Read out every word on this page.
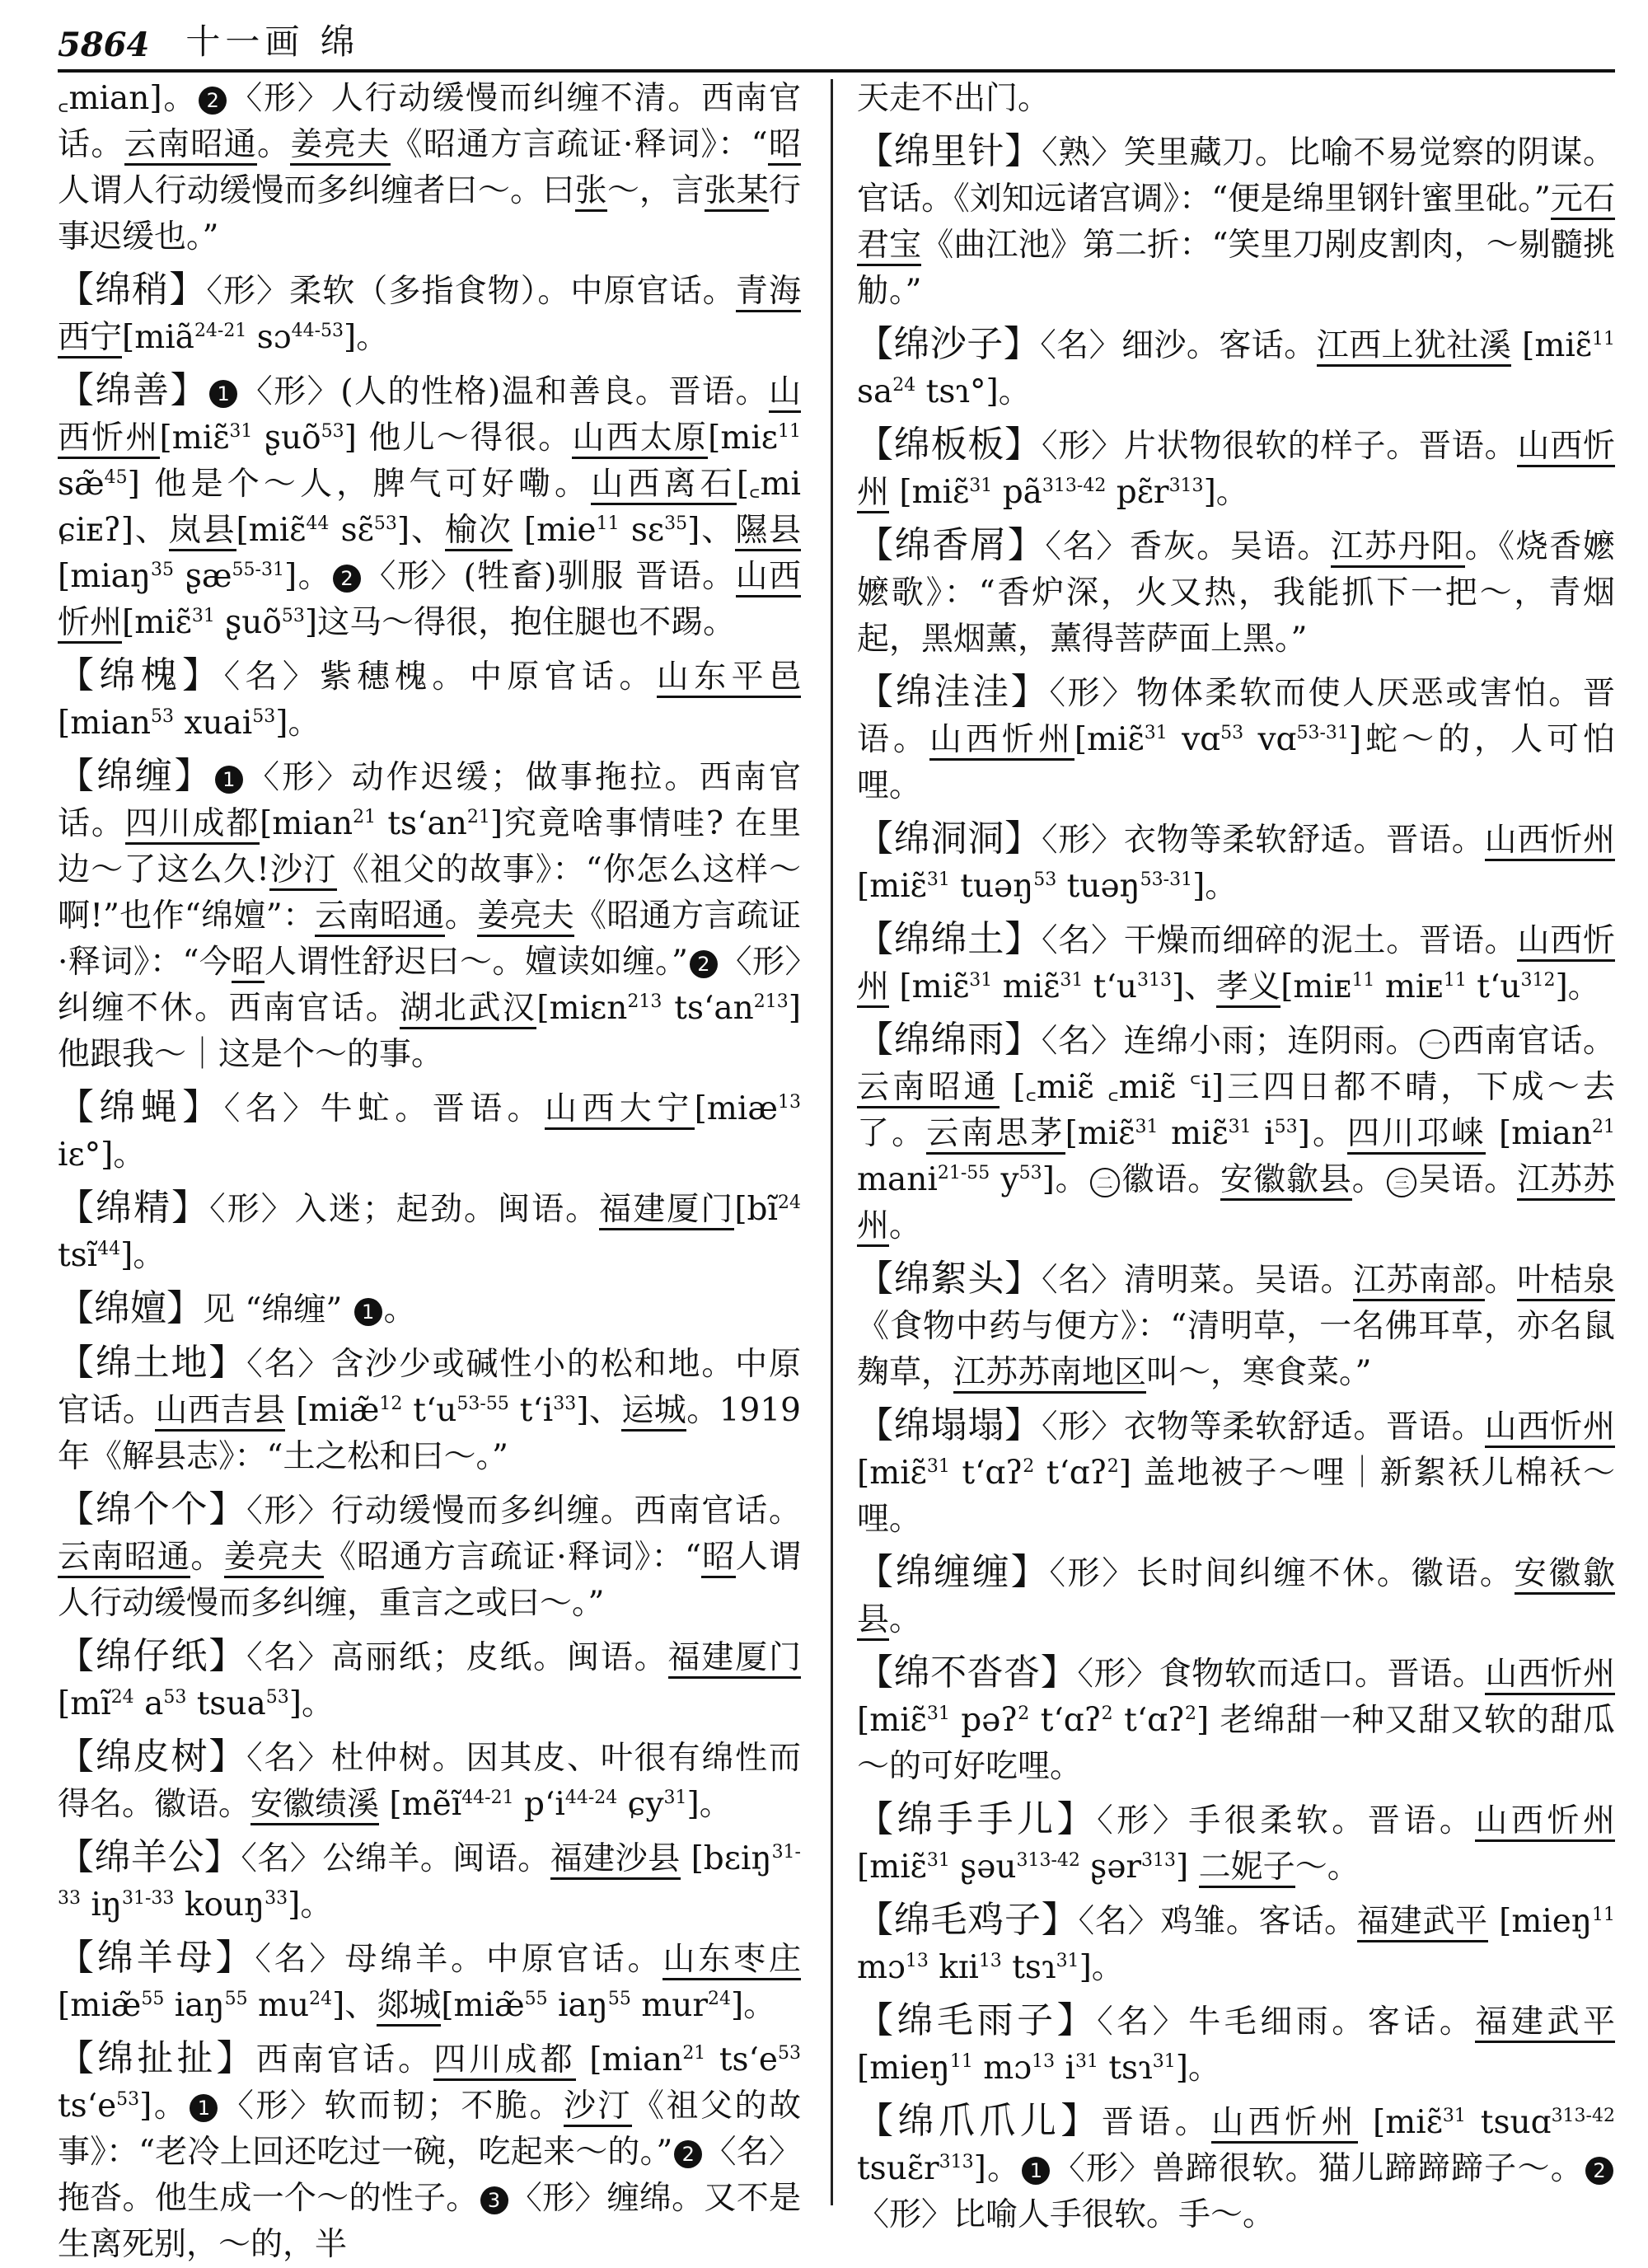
5864 十一画 绵

꜀mian]。 2 〈形〉人行动缓慢而纠缠不清。西南官话。云南昭通。姜亮夫《昭通方言疏证·释词》：“昭人谓人行动缓慢而多纠缠者曰～。曰张～，言张某行事迟缓也。”

【绵稍】〈形〉柔软（多指食物）。中原官话。青海西宁[miã$^{24-21}$ sɔ$^{44-53}$]。

【绵善】 1 〈形〉(人的性格)温和善良。晋语。山西忻州[miɛ̃$^{31}$ ʂuõ$^{53}$] 他儿～得很。山西太原[miɛ$^{11}$ sæ̃$^{45}$] 他是个～人，脾气可好嘞。山西离石[꜀mi ɕiᴇʔ]、岚县[miɛ̃$^{44}$ sɛ̃$^{53}$]、榆次 [mie$^{11}$ sɛ$^{35}$]、隰县 [miaŋ$^{35}$ ʂæ$^{55-31}$]。 2 〈形〉(牲畜)驯服 晋语。山西忻州[miɛ̃$^{31}$ ʂuõ$^{53}$]这马～得很，抱住腿也不踢。

【绵槐】〈名〉紫穗槐。中原官话。山东平邑 [mian$^{53}$ xuai$^{53}$]。

【绵缠】 1 〈形〉动作迟缓；做事拖拉。西南官话。四川成都[mian$^{21}$ $ts‘an^{21}$]究竟啥事情哇? 在里边～了这么久!沙汀《祖父的故事》：“你怎么这样～啊!”也作“绵嬗”：云南昭通。姜亮夫《昭通方言疏证·释词》：“今昭人谓性舒迟曰～。嬗读如缠。” 2 〈形〉纠缠不休。西南官话。湖北武汉[miɛn$^{213}$ $ts‘an^{213}$]他跟我～｜这是个～的事。

【绵蝇】〈名〉牛虻。晋语。山西大宁[miæ$^{13}$ iɛ°]。

【绵精】〈形〉入迷；起劲。闽语。福建厦门[$bĩ^{24}$ tsĩ$^{44}$]。

【绵嬗】见 “绵缠” 1 。

【绵土地】〈名〉含沙少或碱性小的松和地。中原官话。山西吉县 [miæ̃$^{12}$ $t‘u^{53-55}$ $t‘i^{33}$]、运城。1919年《解县志》：“土之松和曰～。”

【绵个个】〈形〉行动缓慢而多纠缠。西南官话。云南昭通。姜亮夫《昭通方言疏证·释词》：“昭人谓人行动缓慢而多纠缠，重言之或曰～。”

【绵仔纸】〈名〉高丽纸；皮纸。闽语。福建厦门[$mĩ^{24}$ $a^{53}$ tsua$^{53}$]。

【绵皮树】〈名〉杜仲树。因其皮、叶很有绵性而得名。徽语。安徽绩溪 [mẽĩ$^{44-21}$ $p‘i^{44-24}$ ɕy$^{31}$]。

【绵羊公】〈名〉公绵羊。闽语。福建沙县 [bɛiŋ$^{31-33}$ $iŋ^{31-33}$ kouŋ$^{33}$]。

【绵羊母】〈名〉母绵羊。中原官话。山东枣庄 [miæ̃$^{55}$ iaŋ$^{55}$ $mu^{24}$]、郯城[miæ̃$^{55}$ iaŋ$^{55}$ mur$^{24}$]。

【绵扯扯】西南官话。四川成都 [mian$^{21}$ $ts‘e^{53}$ $ts‘e^{53}$]。 1 〈形〉软而韧；不脆。沙汀《祖父的故事》：“老冷上回还吃过一碗，吃起来～的。” 2 〈名〉拖沓。他生成一个～的性子。 3 〈形〉缠绵。又不是生离死别，～的，半

天走不出门。

【绵里针】〈熟〉笑里藏刀。比喻不易觉察的阴谋。官话。《刘知远诸宫调》：“便是绵里钢针蜜里砒。”元石君宝《曲江池》第二折：“笑里刀剐皮割肉，～剔髓挑觔。”

【绵沙子】〈名〉细沙。客话。江西上犹社溪 [miɛ̃$^{11}$ $sa^{24}$ tsɿ°]。

【绵板板】〈形〉片状物很软的样子。晋语。山西忻州 [miɛ̃$^{31}$ $pã^{313-42}$ $pɛ̃r^{313}$]。

【绵香屑】〈名〉香灰。吴语。江苏丹阳。《烧香嬷嬷歌》：“香炉深，火又热，我能抓下一把～，青烟起，黑烟薰，薰得菩萨面上黑。”

【绵洼洼】〈形〉物体柔软而使人厌恶或害怕。晋语。山西忻州[miɛ̃$^{31}$ vɑ$^{53}$ vɑ$^{53-31}$]蛇～的，人可怕哩。

【绵洞洞】〈形〉衣物等柔软舒适。晋语。山西忻州 [miɛ̃$^{31}$ tuəŋ$^{53}$ tuəŋ$^{53-31}$]。

【绵绵土】〈名〉干燥而细碎的泥土。晋语。山西忻州 [miɛ̃$^{31}$ miɛ̃$^{31}$ $t‘u^{313}$]、孝义[miᴇ$^{11}$ miᴇ$^{11}$ $t‘u^{312}$]。

【绵绵雨】〈名〉连绵小雨；连阴雨。 一 西南官话。云南昭通 [꜀miɛ̃ ꜀miɛ̃ ꜂i]三四日都不晴，下成～去了。云南思茅[miɛ̃$^{31}$ miɛ̃$^{31}$ $i^{53}$]。四川邛崃 [mian$^{21}$ mani$^{21-55}$ $y^{53}$]。 二 徽语。安徽歙县。 三 吴语。江苏苏州。

【绵絮头】〈名〉清明菜。吴语。江苏南部。叶桔泉《食物中药与便方》：“清明草，一名佛耳草，亦名鼠麹草，江苏苏南地区叫～，寒食菜。”

【绵塌塌】〈形〉衣物等柔软舒适。晋语。山西忻州 [miɛ̃$^{31}$ t‘ɑʔ$^2$ t‘ɑʔ$^2$] 盖地被子～哩｜新絮袄儿棉袄～哩。

【绵缠缠】〈形〉长时间纠缠不休。徽语。安徽歙县。

【绵不沓沓】〈形〉食物软而适口。晋语。山西忻州 [miɛ̃$^{31}$ pəʔ$^2$ t‘ɑʔ$^2$ t‘ɑʔ$^2$] 老绵甜一种又甜又软的甜瓜～的可好吃哩。

【绵手手儿】〈形〉手很柔软。晋语。山西忻州 [miɛ̃$^{31}$ ʂəu$^{313-42}$ ʂər$^{313}$] 二妮子～。

【绵毛鸡子】〈名〉鸡雏。客话。福建武平 [mieŋ$^{11}$ mɔ$^{13}$ kɪi$^{13}$ tsɿ$^{31}$]。

【绵毛雨子】〈名〉牛毛细雨。客话。福建武平 [mieŋ$^{11}$ mɔ$^{13}$ $i^{31}$ tsɿ$^{31}$]。

【绵爪爪儿】晋语。山西忻州 [miɛ̃$^{31}$ tsuɑ$^{313-42}$ $tsuɛ̃r^{313}$]。 1 〈形〉兽蹄很软。猫儿蹄蹄蹄子～。 2〈形〉比喻人手很软。手～。
